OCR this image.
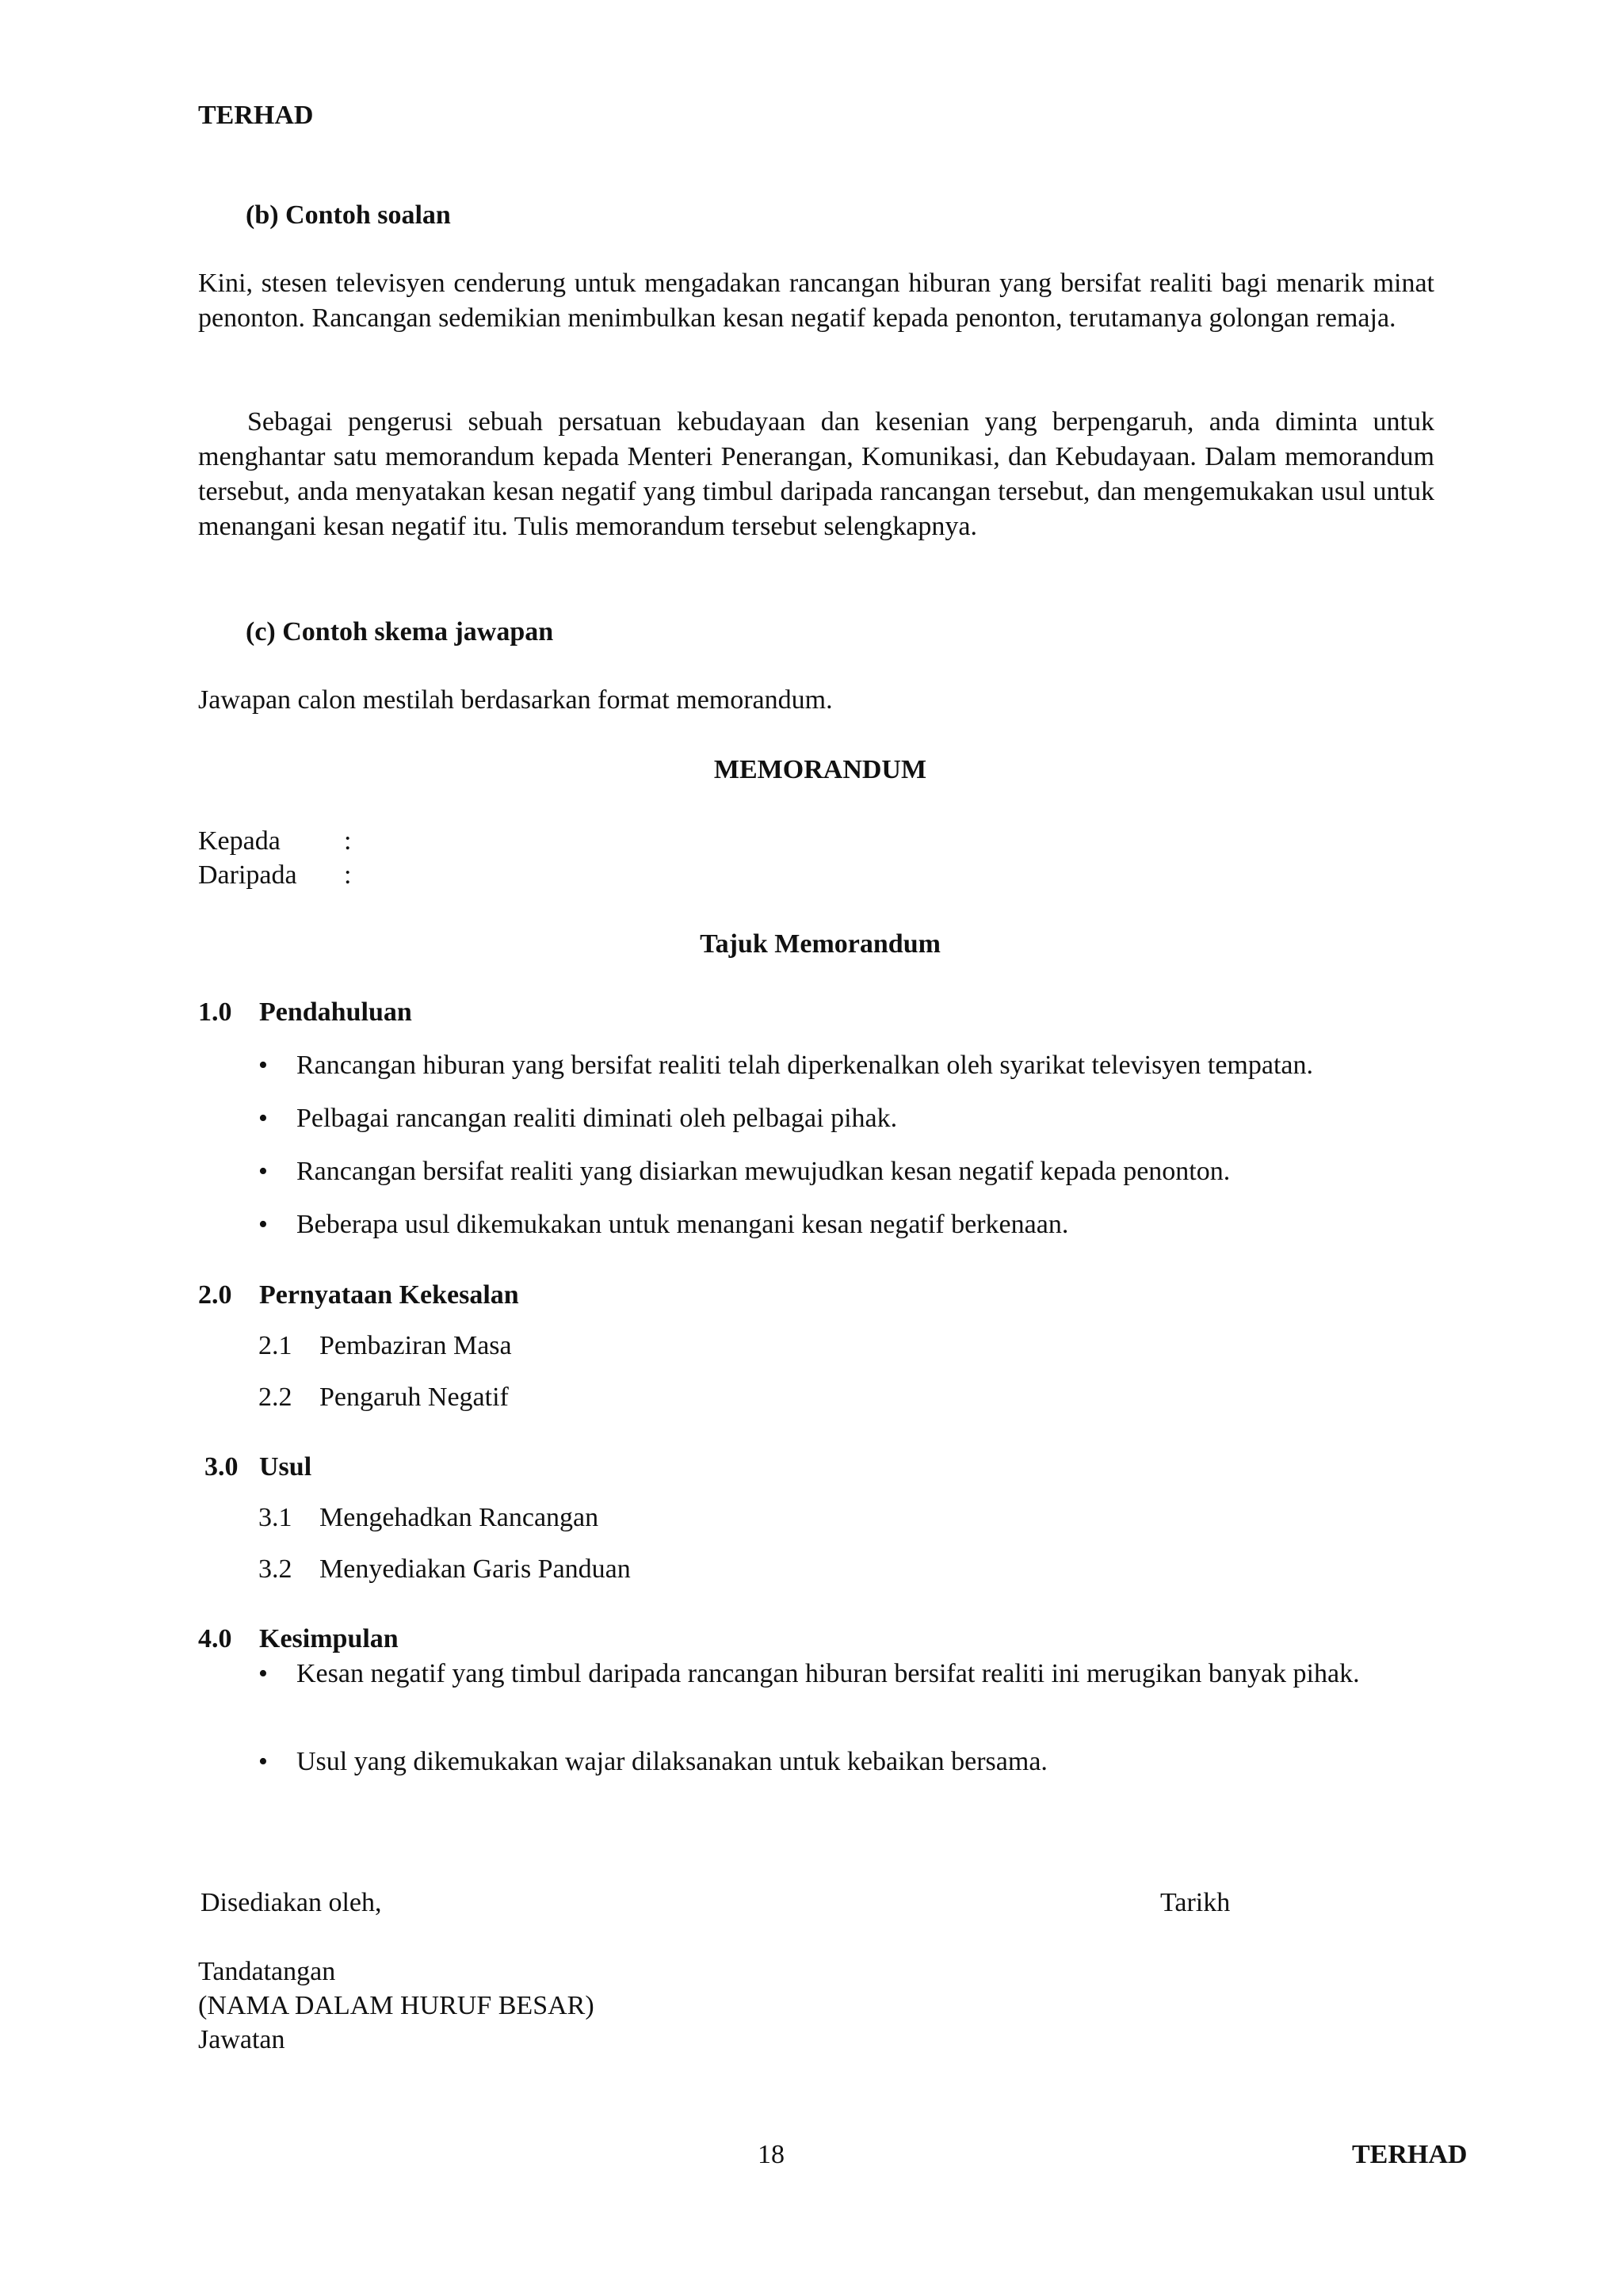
TERHAD
(b) Contoh soalan
Kini, stesen televisyen cenderung untuk mengadakan rancangan hiburan yang bersifat realiti bagi menarik minat penonton. Rancangan sedemikian menimbulkan kesan negatif kepada penonton, terutamanya golongan remaja.
Sebagai pengerusi sebuah persatuan kebudayaan dan kesenian yang berpengaruh, anda diminta untuk menghantar satu memorandum kepada Menteri Penerangan, Komunikasi, dan Kebudayaan. Dalam memorandum tersebut, anda menyatakan kesan negatif yang timbul daripada rancangan tersebut, dan mengemukakan usul untuk menangani kesan negatif itu. Tulis memorandum tersebut selengkapnya.
(c) Contoh skema jawapan
Jawapan calon mestilah berdasarkan format memorandum.
MEMORANDUM
Kepada :
Daripada :
Tajuk Memorandum
1.0 Pendahuluan
• Rancangan hiburan yang bersifat realiti telah diperkenalkan oleh syarikat televisyen tempatan.
• Pelbagai rancangan realiti diminati oleh pelbagai pihak.
• Rancangan bersifat realiti yang disiarkan mewujudkan kesan negatif kepada penonton.
• Beberapa usul dikemukakan untuk menangani kesan negatif berkenaan.
2.0 Pernyataan Kekesalan
2.1 Pembaziran Masa
2.2 Pengaruh Negatif
3.0 Usul
3.1 Mengehadkan Rancangan
3.2 Menyediakan Garis Panduan
4.0 Kesimpulan
• Kesan negatif yang timbul daripada rancangan hiburan bersifat realiti ini merugikan banyak pihak.
• Usul yang dikemukakan wajar dilaksanakan untuk kebaikan bersama.
Disediakan oleh,	Tarikh
Tandatangan
(NAMA DALAM HURUF BESAR)
Jawatan
18	TERHAD
